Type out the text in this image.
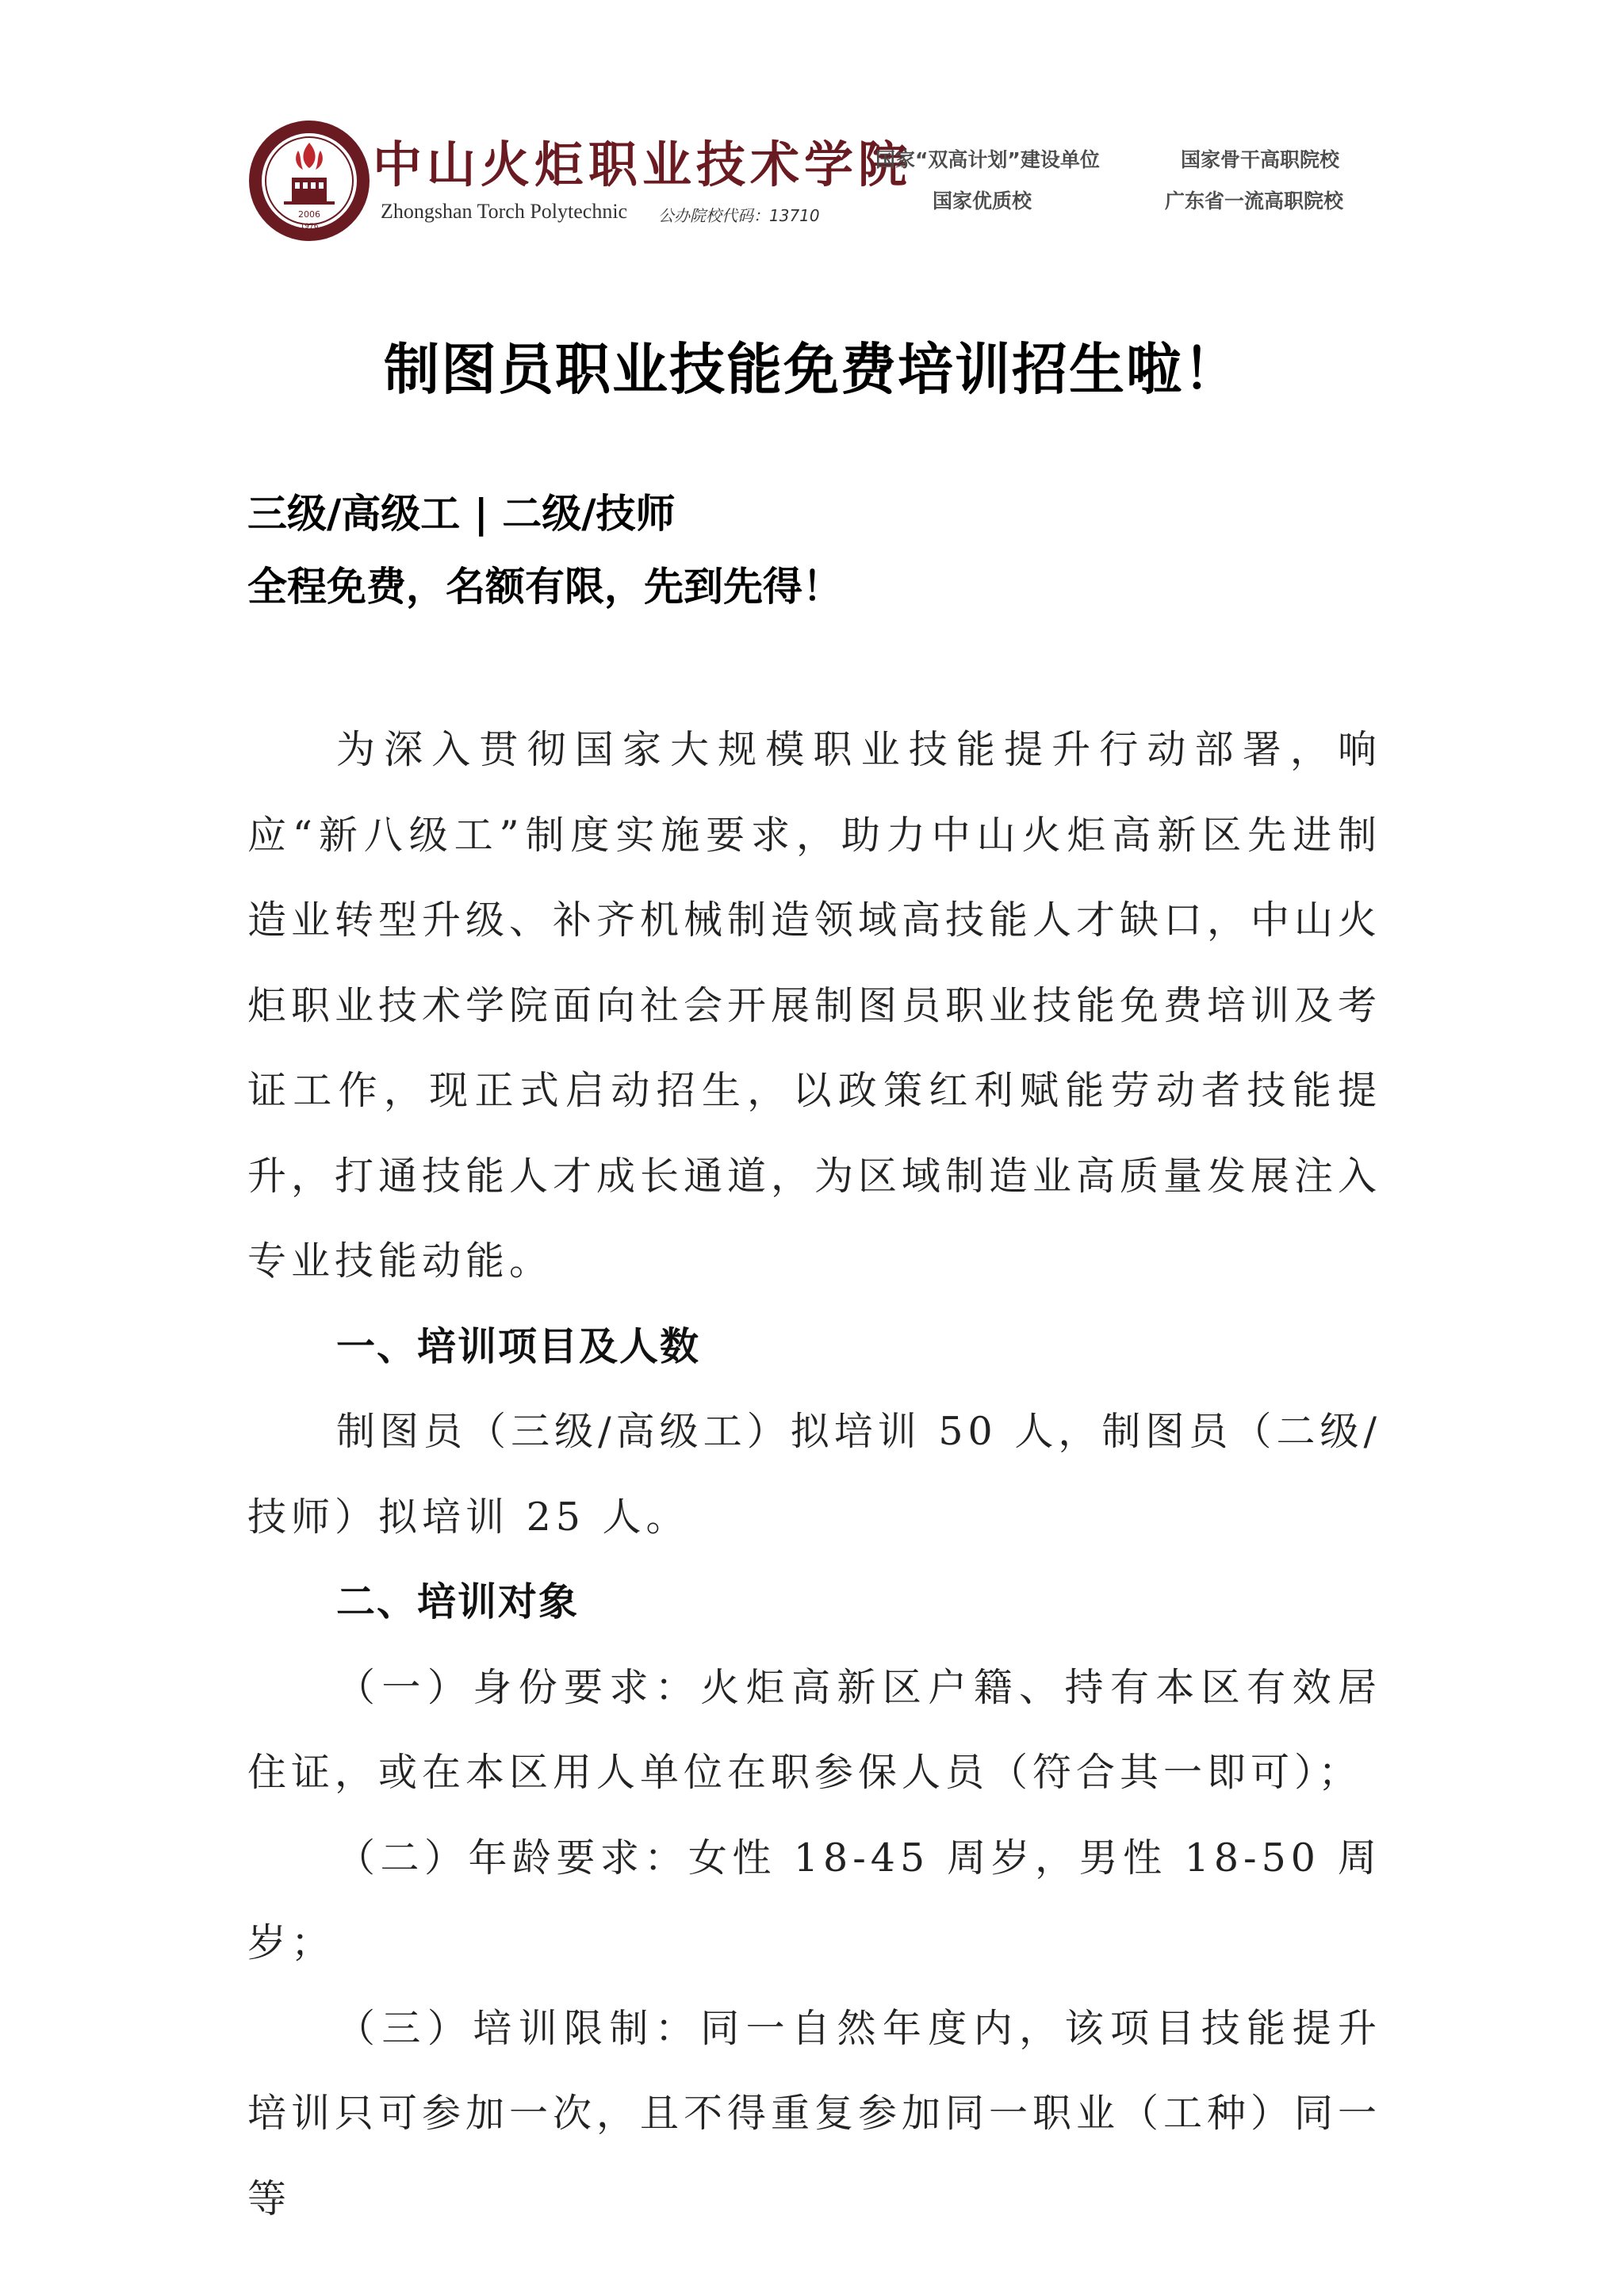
2006
1976
中山火炬职业技术学院
Zhongshan Torch Polytechnic 公办院校代码：13710
国家“双高计划”建设单位	国家骨干高职院校
国家优质校	广东省一流高职院校
制图员职业技能免费培训招生啦！
三级/高级工 | 二级/技师
全程免费，名额有限，先到先得！

为深入贯彻国家大规模职业技能提升行动部署，响应“新八级工”制度实施要求，助力中山火炬高新区先进制造业转型升级、补齐机械制造领域高技能人才缺口，中山火炬职业技术学院面向社会开展制图员职业技能免费培训及考证工作，现正式启动招生，以政策红利赋能劳动者技能提升，打通技能人才成长通道，为区域制造业高质量发展注入专业技能动能。

一、培训项目及人数

制图员（三级/高级工）拟培训 50 人，制图员（二级/技师）拟培训 25 人。

二、培训对象

（一）身份要求：火炬高新区户籍、持有本区有效居住证，或在本区用人单位在职参保人员（符合其一即可）；

（二）年龄要求：女性 18-45 周岁，男性 18-50 周岁；

（三）培训限制：同一自然年度内，该项目技能提升培训只可参加一次，且不得重复参加同一职业（工种）同一等
